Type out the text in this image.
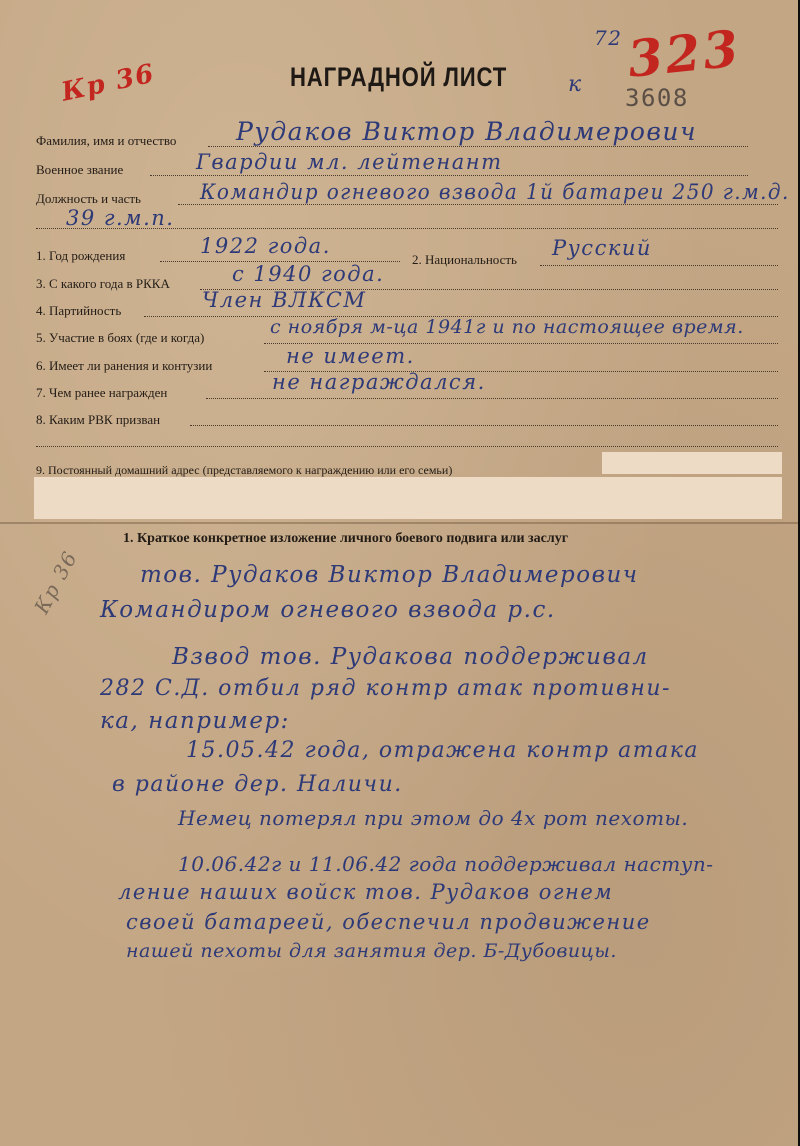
НАГРАДНОЙ ЛИСТ
Кр 36
72
к 3608
323
Кр 36
Фамилия, имя и отчество Рудаков Виктор Владимерович
Военное звание	Гвардии мл. лейтенант
Должность и часть	Командир огневого взвода 1й батареи 250 г.м.д.
39 г.м.п.
1. Год рождения	1922 года.
2. Национальность Русский
3. С какого года в РККА	с 1940 года.
4. Партийность	Член ВЛКСМ
5. Участие в боях (где и когда)	с ноября м-ца 1941г и по настоящее время.
6. Имеет ли ранения и контузии	не имеет.
7. Чем ранее награжден	не награждался.
8. Каким РВК призван
9. Постоянный домашний адрес (представляемого к награждению или его семьи)
1. Краткое конкретное изложение личного боевого подвига или заслуг
тов. Рудаков Виктор Владимерович
Командиром огневого взвода р.с.
Взвод тов. Рудакова поддерживал
282 С.Д. отбил ряд контр атак противни-
ка, например:
15.05.42 года, отражена контр атака
в районе дер. Наличи.
Немец потерял при этом до 4х рот пехоты.
10.06.42г и 11.06.42 года поддерживал наступ-
ление наших войск тов. Рудаков огнем
своей батареей, обеспечил продвижение
нашей пехоты для занятия дер. Б-Дубовицы.
